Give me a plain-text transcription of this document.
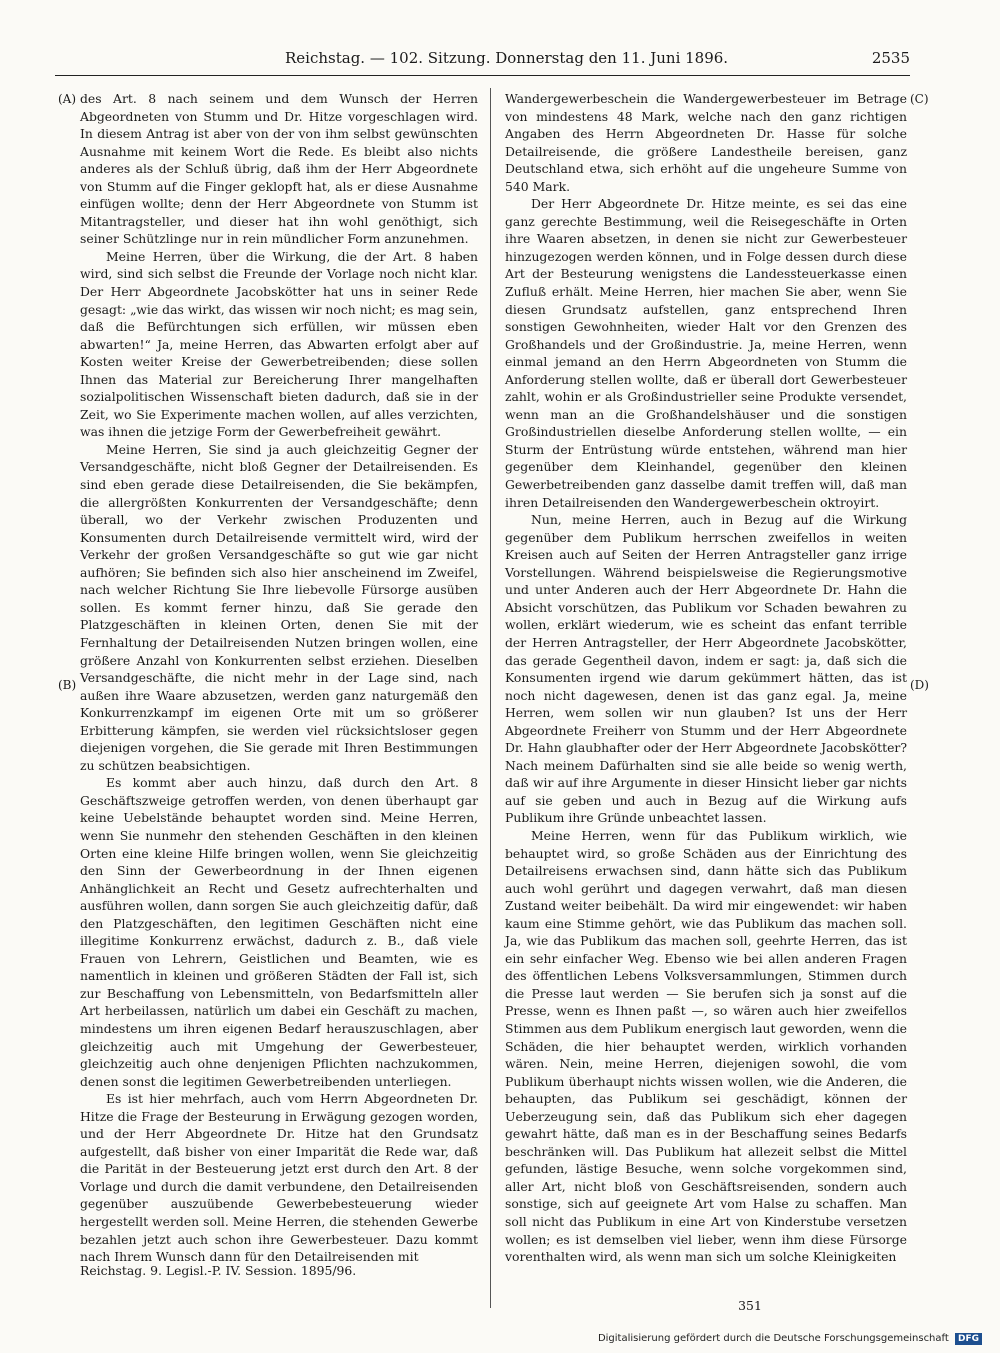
Reichstag. — 102. Sitzung. Donnerstag den 11. Juni 1896.	2535
(A)
(B)
(C)
(D)

des Art. 8 nach seinem und dem Wunsch der Herren Abgeordneten von Stumm und Dr. Hitze vorgeschlagen wird. In diesem Antrag ist aber von der von ihm selbst gewünschten Ausnahme mit keinem Wort die Rede. Es bleibt also nichts anderes als der Schluß übrig, daß ihm der Herr Abgeordnete von Stumm auf die Finger geklopft hat, als er diese Ausnahme einfügen wollte; denn der Herr Abgeordnete von Stumm ist Mitantragsteller, und dieser hat ihn wohl genöthigt, sich seiner Schützlinge nur in rein mündlicher Form anzunehmen.

Meine Herren, über die Wirkung, die der Art. 8 haben wird, sind sich selbst die Freunde der Vorlage noch nicht klar. Der Herr Abgeordnete Jacobskötter hat uns in seiner Rede gesagt: „wie das wirkt, das wissen wir noch nicht; es mag sein, daß die Befürchtungen sich erfüllen, wir müssen eben abwarten!“ Ja, meine Herren, das Abwarten erfolgt aber auf Kosten weiter Kreise der Gewerbetreibenden; diese sollen Ihnen das Material zur Bereicherung Ihrer mangelhaften sozialpolitischen Wissenschaft bieten dadurch, daß sie in der Zeit, wo Sie Experimente machen wollen, auf alles verzichten, was ihnen die jetzige Form der Gewerbefreiheit gewährt.

Meine Herren, Sie sind ja auch gleichzeitig Gegner der Versandgeschäfte, nicht bloß Gegner der Detailreisenden. Es sind eben gerade diese Detailreisenden, die Sie bekämpfen, die allergrößten Konkurrenten der Versandgeschäfte; denn überall, wo der Verkehr zwischen Produzenten und Konsumenten durch Detailreisende vermittelt wird, wird der Verkehr der großen Versandgeschäfte so gut wie gar nicht aufhören; Sie befinden sich also hier anscheinend im Zweifel, nach welcher Richtung Sie Ihre liebevolle Fürsorge ausüben sollen. Es kommt ferner hinzu, daß Sie gerade den Platzgeschäften in kleinen Orten, denen Sie mit der Fernhaltung der Detailreisenden Nutzen bringen wollen, eine größere Anzahl von Konkurrenten selbst erziehen. Dieselben Versandgeschäfte, die nicht mehr in der Lage sind, nach außen ihre Waare abzusetzen, werden ganz naturgemäß den Konkurrenzkampf im eigenen Orte mit um so größerer Erbitterung kämpfen, sie werden viel rücksichtsloser gegen diejenigen vorgehen, die Sie gerade mit Ihren Bestimmungen zu schützen beabsichtigen.

Es kommt aber auch hinzu, daß durch den Art. 8 Geschäftszweige getroffen werden, von denen überhaupt gar keine Uebelstände behauptet worden sind. Meine Herren, wenn Sie nunmehr den stehenden Geschäften in den kleinen Orten eine kleine Hilfe bringen wollen, wenn Sie gleichzeitig den Sinn der Gewerbeordnung in der Ihnen eigenen Anhänglichkeit an Recht und Gesetz aufrechterhalten und ausführen wollen, dann sorgen Sie auch gleichzeitig dafür, daß den Platzgeschäften, den legitimen Geschäften nicht eine illegitime Konkurrenz erwächst, dadurch z. B., daß viele Frauen von Lehrern, Geistlichen und Beamten, wie es namentlich in kleinen und größeren Städten der Fall ist, sich zur Beschaffung von Lebensmitteln, von Bedarfsmitteln aller Art herbeilassen, natürlich um dabei ein Geschäft zu machen, mindestens um ihren eigenen Bedarf herauszuschlagen, aber gleichzeitig auch mit Umgehung der Gewerbesteuer, gleichzeitig auch ohne denjenigen Pflichten nachzukommen, denen sonst die legitimen Gewerbetreibenden unterliegen.

Es ist hier mehrfach, auch vom Herrn Abgeordneten Dr. Hitze die Frage der Besteurung in Erwägung gezogen worden, und der Herr Abgeordnete Dr. Hitze hat den Grundsatz aufgestellt, daß bisher von einer Imparität die Rede war, daß die Parität in der Besteuerung jetzt erst durch den Art. 8 der Vorlage und durch die damit verbundene, den Detailreisenden gegenüber auszuübende Gewerbebesteuerung wieder hergestellt werden soll. Meine Herren, die stehenden Gewerbe bezahlen jetzt auch schon ihre Gewerbesteuer. Dazu kommt nach Ihrem Wunsch dann für den Detailreisenden mit

Wandergewerbeschein die Wandergewerbesteuer im Betrage von mindestens 48 Mark, welche nach den ganz richtigen Angaben des Herrn Abgeordneten Dr. Hasse für solche Detailreisende, die größere Landestheile bereisen, ganz Deutschland etwa, sich erhöht auf die ungeheure Summe von 540 Mark.

Der Herr Abgeordnete Dr. Hitze meinte, es sei das eine ganz gerechte Bestimmung, weil die Reisegeschäfte in Orten ihre Waaren absetzen, in denen sie nicht zur Gewerbesteuer hinzugezogen werden können, und in Folge dessen durch diese Art der Besteurung wenigstens die Landessteuerkasse einen Zufluß erhält. Meine Herren, hier machen Sie aber, wenn Sie diesen Grundsatz aufstellen, ganz entsprechend Ihren sonstigen Gewohnheiten, wieder Halt vor den Grenzen des Großhandels und der Großindustrie. Ja, meine Herren, wenn einmal jemand an den Herrn Abgeordneten von Stumm die Anforderung stellen wollte, daß er überall dort Gewerbesteuer zahlt, wohin er als Großindustrieller seine Produkte versendet, wenn man an die Großhandelshäuser und die sonstigen Großindustriellen dieselbe Anforderung stellen wollte, — ein Sturm der Entrüstung würde entstehen, während man hier gegenüber dem Kleinhandel, gegenüber den kleinen Gewerbetreibenden ganz dasselbe damit treffen will, daß man ihren Detailreisenden den Wandergewerbeschein oktroyirt.

Nun, meine Herren, auch in Bezug auf die Wirkung gegenüber dem Publikum herrschen zweifellos in weiten Kreisen auch auf Seiten der Herren Antragsteller ganz irrige Vorstellungen. Während beispielsweise die Regierungsmotive und unter Anderen auch der Herr Abgeordnete Dr. Hahn die Absicht vorschützen, das Publikum vor Schaden bewahren zu wollen, erklärt wiederum, wie es scheint das enfant terrible der Herren Antragsteller, der Herr Abgeordnete Jacobskötter, das gerade Gegentheil davon, indem er sagt: ja, daß sich die Konsumenten irgend wie darum gekümmert hätten, das ist noch nicht dagewesen, denen ist das ganz egal. Ja, meine Herren, wem sollen wir nun glauben? Ist uns der Herr Abgeordnete Freiherr von Stumm und der Herr Abgeordnete Dr. Hahn glaubhafter oder der Herr Abgeordnete Jacobskötter? Nach meinem Dafürhalten sind sie alle beide so wenig werth, daß wir auf ihre Argumente in dieser Hinsicht lieber gar nichts auf sie geben und auch in Bezug auf die Wirkung aufs Publikum ihre Gründe unbeachtet lassen.

Meine Herren, wenn für das Publikum wirklich, wie behauptet wird, so große Schäden aus der Einrichtung des Detailreisens erwachsen sind, dann hätte sich das Publikum auch wohl gerührt und dagegen verwahrt, daß man diesen Zustand weiter beibehält. Da wird mir eingewendet: wir haben kaum eine Stimme gehört, wie das Publikum das machen soll. Ja, wie das Publikum das machen soll, geehrte Herren, das ist ein sehr einfacher Weg. Ebenso wie bei allen anderen Fragen des öffentlichen Lebens Volksversammlungen, Stimmen durch die Presse laut werden — Sie berufen sich ja sonst auf die Presse, wenn es Ihnen paßt —, so wären auch hier zweifellos Stimmen aus dem Publikum energisch laut geworden, wenn die Schäden, die hier behauptet werden, wirklich vorhanden wären. Nein, meine Herren, diejenigen sowohl, die vom Publikum überhaupt nichts wissen wollen, wie die Anderen, die behaupten, das Publikum sei geschädigt, können der Ueberzeugung sein, daß das Publikum sich eher dagegen gewahrt hätte, daß man es in der Beschaffung seines Bedarfs beschränken will. Das Publikum hat allezeit selbst die Mittel gefunden, lästige Besuche, wenn solche vorgekommen sind, aller Art, nicht bloß von Geschäftsreisenden, sondern auch sonstige, sich auf geeignete Art vom Halse zu schaffen. Man soll nicht das Publikum in eine Art von Kinderstube versetzen wollen; es ist demselben viel lieber, wenn ihm diese Fürsorge vorenthalten wird, als wenn man sich um solche Kleinigkeiten

Reichstag. 9. Legisl.-P. IV. Session. 1895/96.
351
Digitalisierung gefördert durch die Deutsche Forschungsgemeinschaft DFG
